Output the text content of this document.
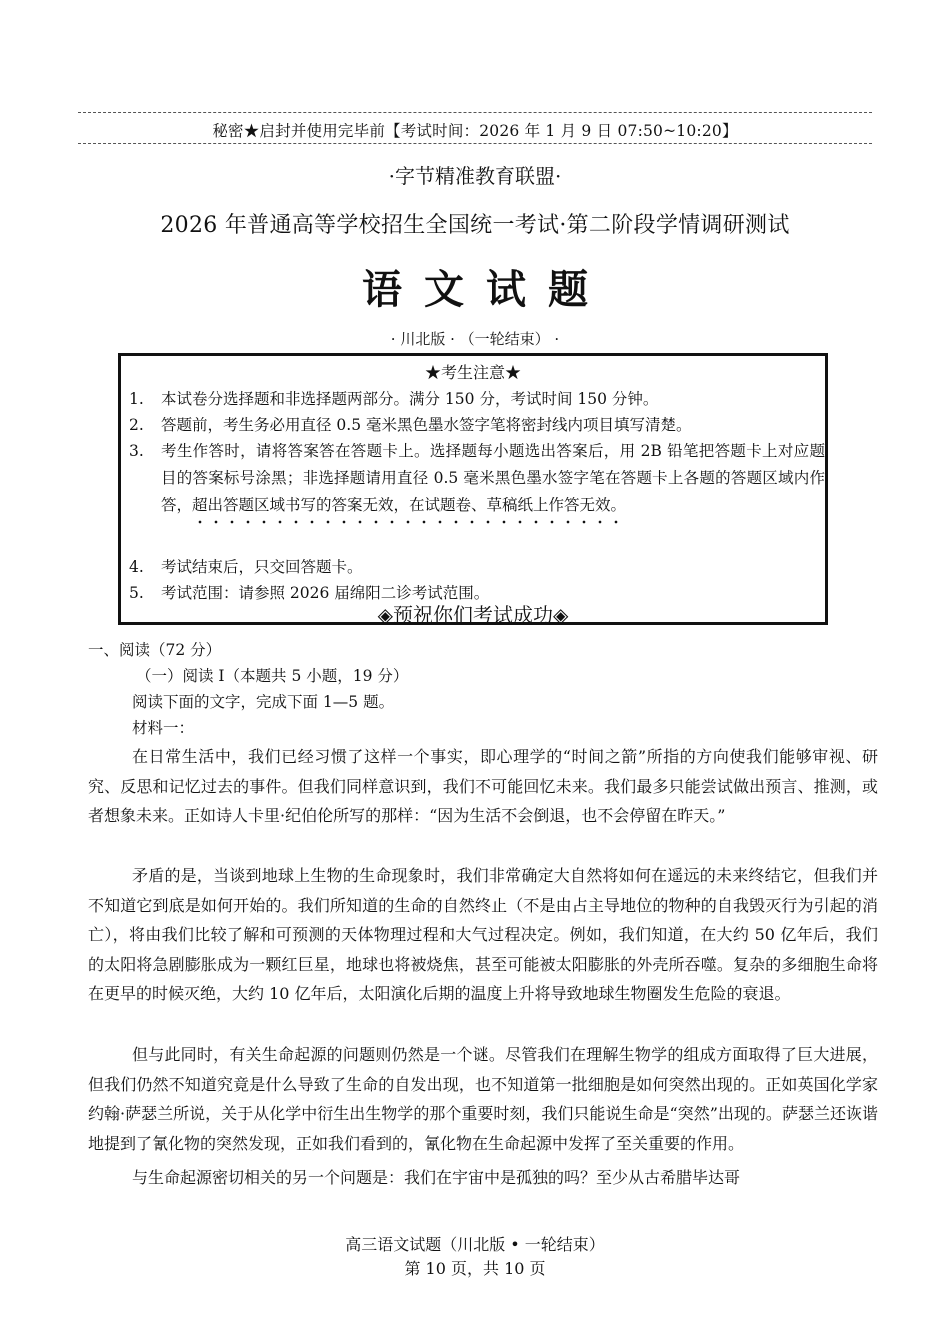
秘密★启封并使用完毕前【考试时间：2026 年 1 月 9 日 07:50~10:20】
·字节精准教育联盟·
2026 年普通高等学校招生全国统一考试·第二阶段学情调研测试
语文试题
· 川北版 · （一轮结束） ·
★考生注意★
1.	本试卷分选择题和非选择题两部分。满分 150 分，考试时间 150 分钟。
2.	答题前，考生务必用直径 0.5 毫米黑色墨水签字笔将密封线内项目填写清楚。
3.	考生作答时，请将答案答在答题卡上。选择题每小题选出答案后，用 2B 铅笔把答题卡上对应题目的答案标号涂黑；非选择题请用直径 0.5 毫米黑色墨水签字笔在答题卡上各题的答题区域内作答，超出答题区域书写的答案无效，在试题卷、草稿纸上作答无效。
4.	考试结束后，只交回答题卡。
5.	考试范围：请参照 2026 届绵阳二诊考试范围。
◈预祝你们考试成功◈
一、阅读（72 分）
（一）阅读 I（本题共 5 小题，19 分）
阅读下面的文字，完成下面 1—5 题。
材料一：
在日常生活中，我们已经习惯了这样一个事实，即心理学的“时间之箭”所指的方向使我们能够审视、研究、反思和记忆过去的事件。但我们同样意识到，我们不可能回忆未来。我们最多只能尝试做出预言、推测，或者想象未来。正如诗人卡里·纪伯伦所写的那样：“因为生活不会倒退，也不会停留在昨天。”
矛盾的是，当谈到地球上生物的生命现象时，我们非常确定大自然将如何在遥远的未来终结它，但我们并不知道它到底是如何开始的。我们所知道的生命的自然终止（不是由占主导地位的物种的自我毁灭行为引起的消亡），将由我们比较了解和可预测的天体物理过程和大气过程决定。例如，我们知道，在大约 50 亿年后，我们的太阳将急剧膨胀成为一颗红巨星，地球也将被烧焦，甚至可能被太阳膨胀的外壳所吞噬。复杂的多细胞生命将在更早的时候灭绝，大约 10 亿年后，太阳演化后期的温度上升将导致地球生物圈发生危险的衰退。
但与此同时，有关生命起源的问题则仍然是一个谜。尽管我们在理解生物学的组成方面取得了巨大进展，但我们仍然不知道究竟是什么导致了生命的自发出现，也不知道第一批细胞是如何突然出现的。正如英国化学家约翰·萨瑟兰所说，关于从化学中衍生出生物学的那个重要时刻，我们只能说生命是“突然”出现的。萨瑟兰还诙谐地提到了氰化物的突然发现，正如我们看到的，氰化物在生命起源中发挥了至关重要的作用。
与生命起源密切相关的另一个问题是：我们在宇宙中是孤独的吗？至少从古希腊毕达哥
高三语文试题（川北版 • 一轮结束）
第 10 页，共 10 页
